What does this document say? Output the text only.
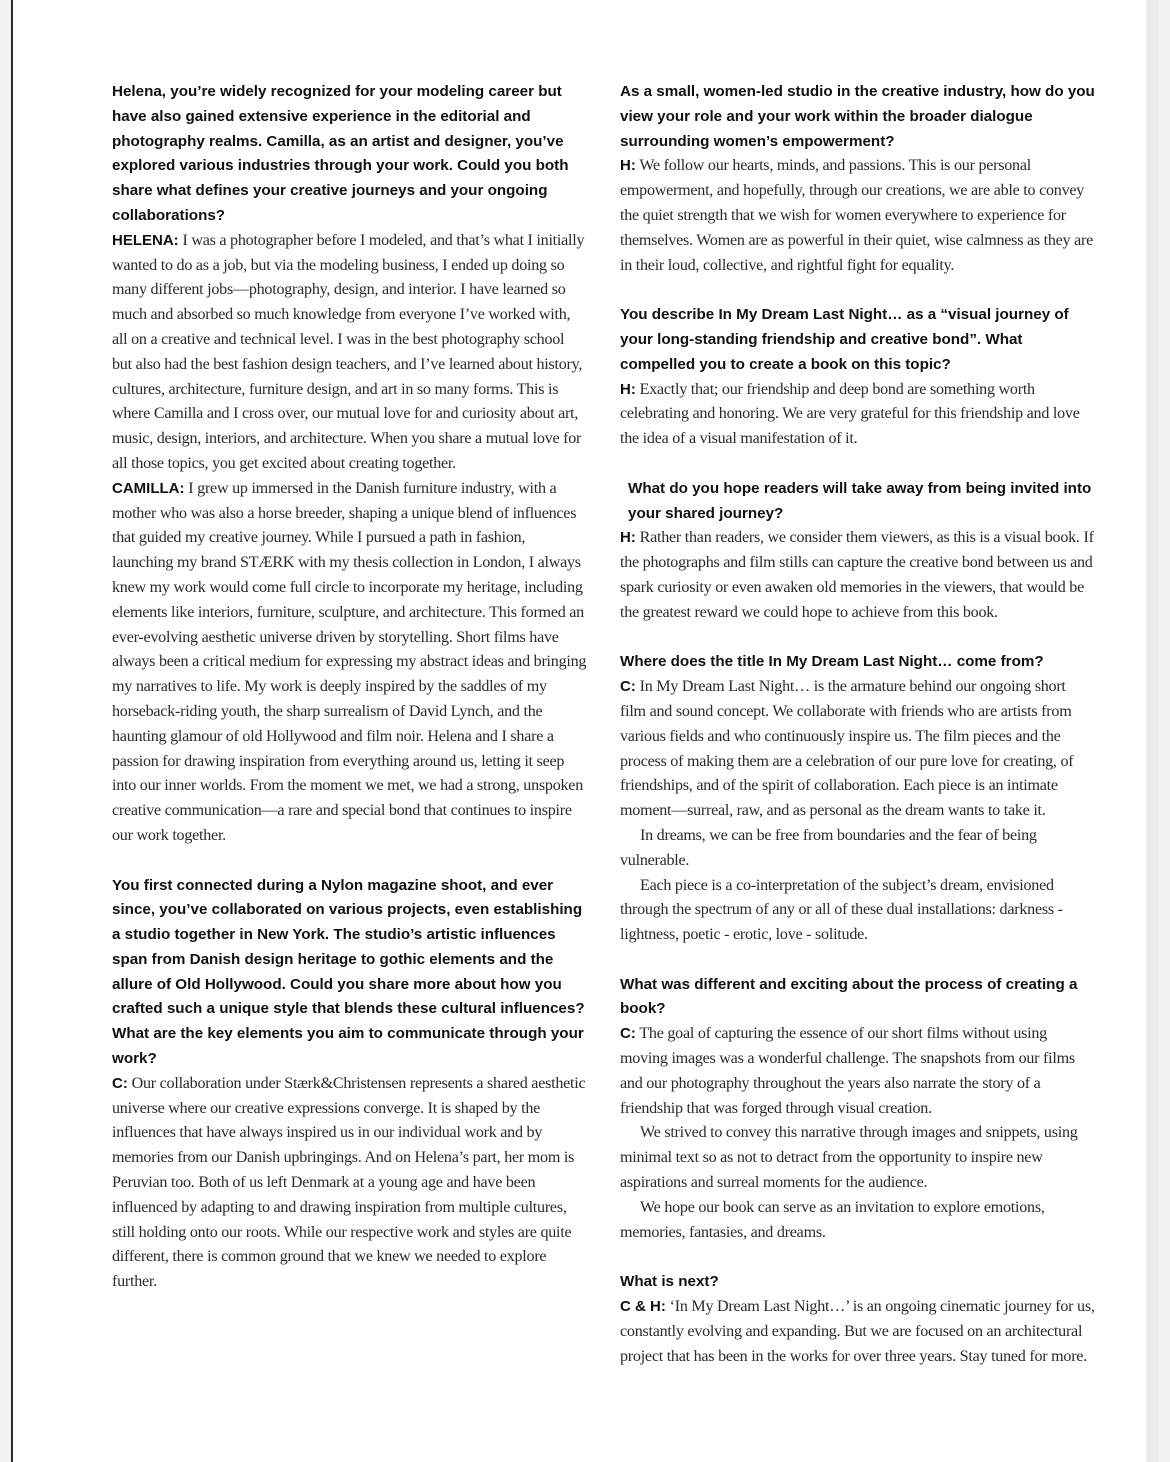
Helena, you’re widely recognized for your modeling career but have also gained extensive experience in the editorial and photography realms. Camilla, as an artist and designer, you’ve explored various industries through your work. Could you both share what defines your creative journeys and your ongoing collaborations?

HELENA: I was a photographer before I modeled, and that’s what I initially wanted to do as a job, but via the modeling business, I ended up doing so many different jobs—photography, design, and interior. I have learned so much and absorbed so much knowledge from everyone I’ve worked with, all on a creative and technical level. I was in the best photography school but also had the best fashion design teachers, and I’ve learned about history, cultures, architecture, furniture design, and art in so many forms. This is where Camilla and I cross over, our mutual love for and curiosity about art, music, design, interiors, and architecture. When you share a mutual love for all those topics, you get excited about creating together.

CAMILLA: I grew up immersed in the Danish furniture industry, with a mother who was also a horse breeder, shaping a unique blend of influences that guided my creative journey. While I pursued a path in fashion, launching my brand STÆRK with my thesis collection in London, I always knew my work would come full circle to incorporate my heritage, including elements like interiors, furniture, sculpture, and architecture. This formed an ever-evolving aesthetic universe driven by storytelling. Short films have always been a critical medium for expressing my abstract ideas and bringing my narratives to life. My work is deeply inspired by the saddles of my horseback-riding youth, the sharp surrealism of David Lynch, and the haunting glamour of old Hollywood and film noir. Helena and I share a passion for drawing inspiration from everything around us, letting it seep into our inner worlds. From the moment we met, we had a strong, unspoken creative communication—a rare and special bond that continues to inspire our work together.

You first connected during a Nylon magazine shoot, and ever since, you’ve collaborated on various projects, even establishing a studio together in New York. The studio’s artistic influences span from Danish design heritage to gothic elements and the allure of Old Hollywood. Could you share more about how you crafted such a unique style that blends these cultural influences? What are the key elements you aim to communicate through your work?

C: Our collaboration under Stærk&Christensen represents a shared aesthetic universe where our creative expressions converge. It is shaped by the influences that have always inspired us in our individual work and by memories from our Danish upbringings. And on Helena’s part, her mom is Peruvian too. Both of us left Denmark at a young age and have been influenced by adapting to and drawing inspiration from multiple cultures, still holding onto our roots. While our respective work and styles are quite different, there is common ground that we knew we needed to explore further.

As a small, women-led studio in the creative industry, how do you view your role and your work within the broader dialogue surrounding women’s empowerment?

H: We follow our hearts, minds, and passions. This is our personal empowerment, and hopefully, through our creations, we are able to convey the quiet strength that we wish for women everywhere to experience for themselves. Women are as powerful in their quiet, wise calmness as they are in their loud, collective, and rightful fight for equality.

You describe In My Dream Last Night… as a “visual journey of your long-standing friendship and creative bond”. What compelled you to create a book on this topic?

H: Exactly that; our friendship and deep bond are something worth celebrating and honoring. We are very grateful for this friendship and love the idea of a visual manifestation of it.

What do you hope readers will take away from being invited into your shared journey?

H: Rather than readers, we consider them viewers, as this is a visual book. If the photographs and film stills can capture the creative bond between us and spark curiosity or even awaken old memories in the viewers, that would be the greatest reward we could hope to achieve from this book.

Where does the title In My Dream Last Night… come from?

C: In My Dream Last Night… is the armature behind our ongoing short film and sound concept. We collaborate with friends who are artists from various fields and who continuously inspire us. The film pieces and the process of making them are a celebration of our pure love for creating, of friendships, and of the spirit of collaboration. Each piece is an intimate moment—surreal, raw, and as personal as the dream wants to take it.

In dreams, we can be free from boundaries and the fear of being vulnerable.

Each piece is a co-interpretation of the subject’s dream, envisioned through the spectrum of any or all of these dual installations: darkness - lightness, poetic - erotic, love - solitude.

What was different and exciting about the process of creating a book?

C: The goal of capturing the essence of our short films without using moving images was a wonderful challenge. The snapshots from our films and our photography throughout the years also narrate the story of a friendship that was forged through visual creation.

We strived to convey this narrative through images and snippets, using minimal text so as not to detract from the opportunity to inspire new aspirations and surreal moments for the audience.

We hope our book can serve as an invitation to explore emotions, memories, fantasies, and dreams.

What is next?

C & H: ‘In My Dream Last Night…’ is an ongoing cinematic journey for us, constantly evolving and expanding. But we are focused on an architectural project that has been in the works for over three years. Stay tuned for more.
